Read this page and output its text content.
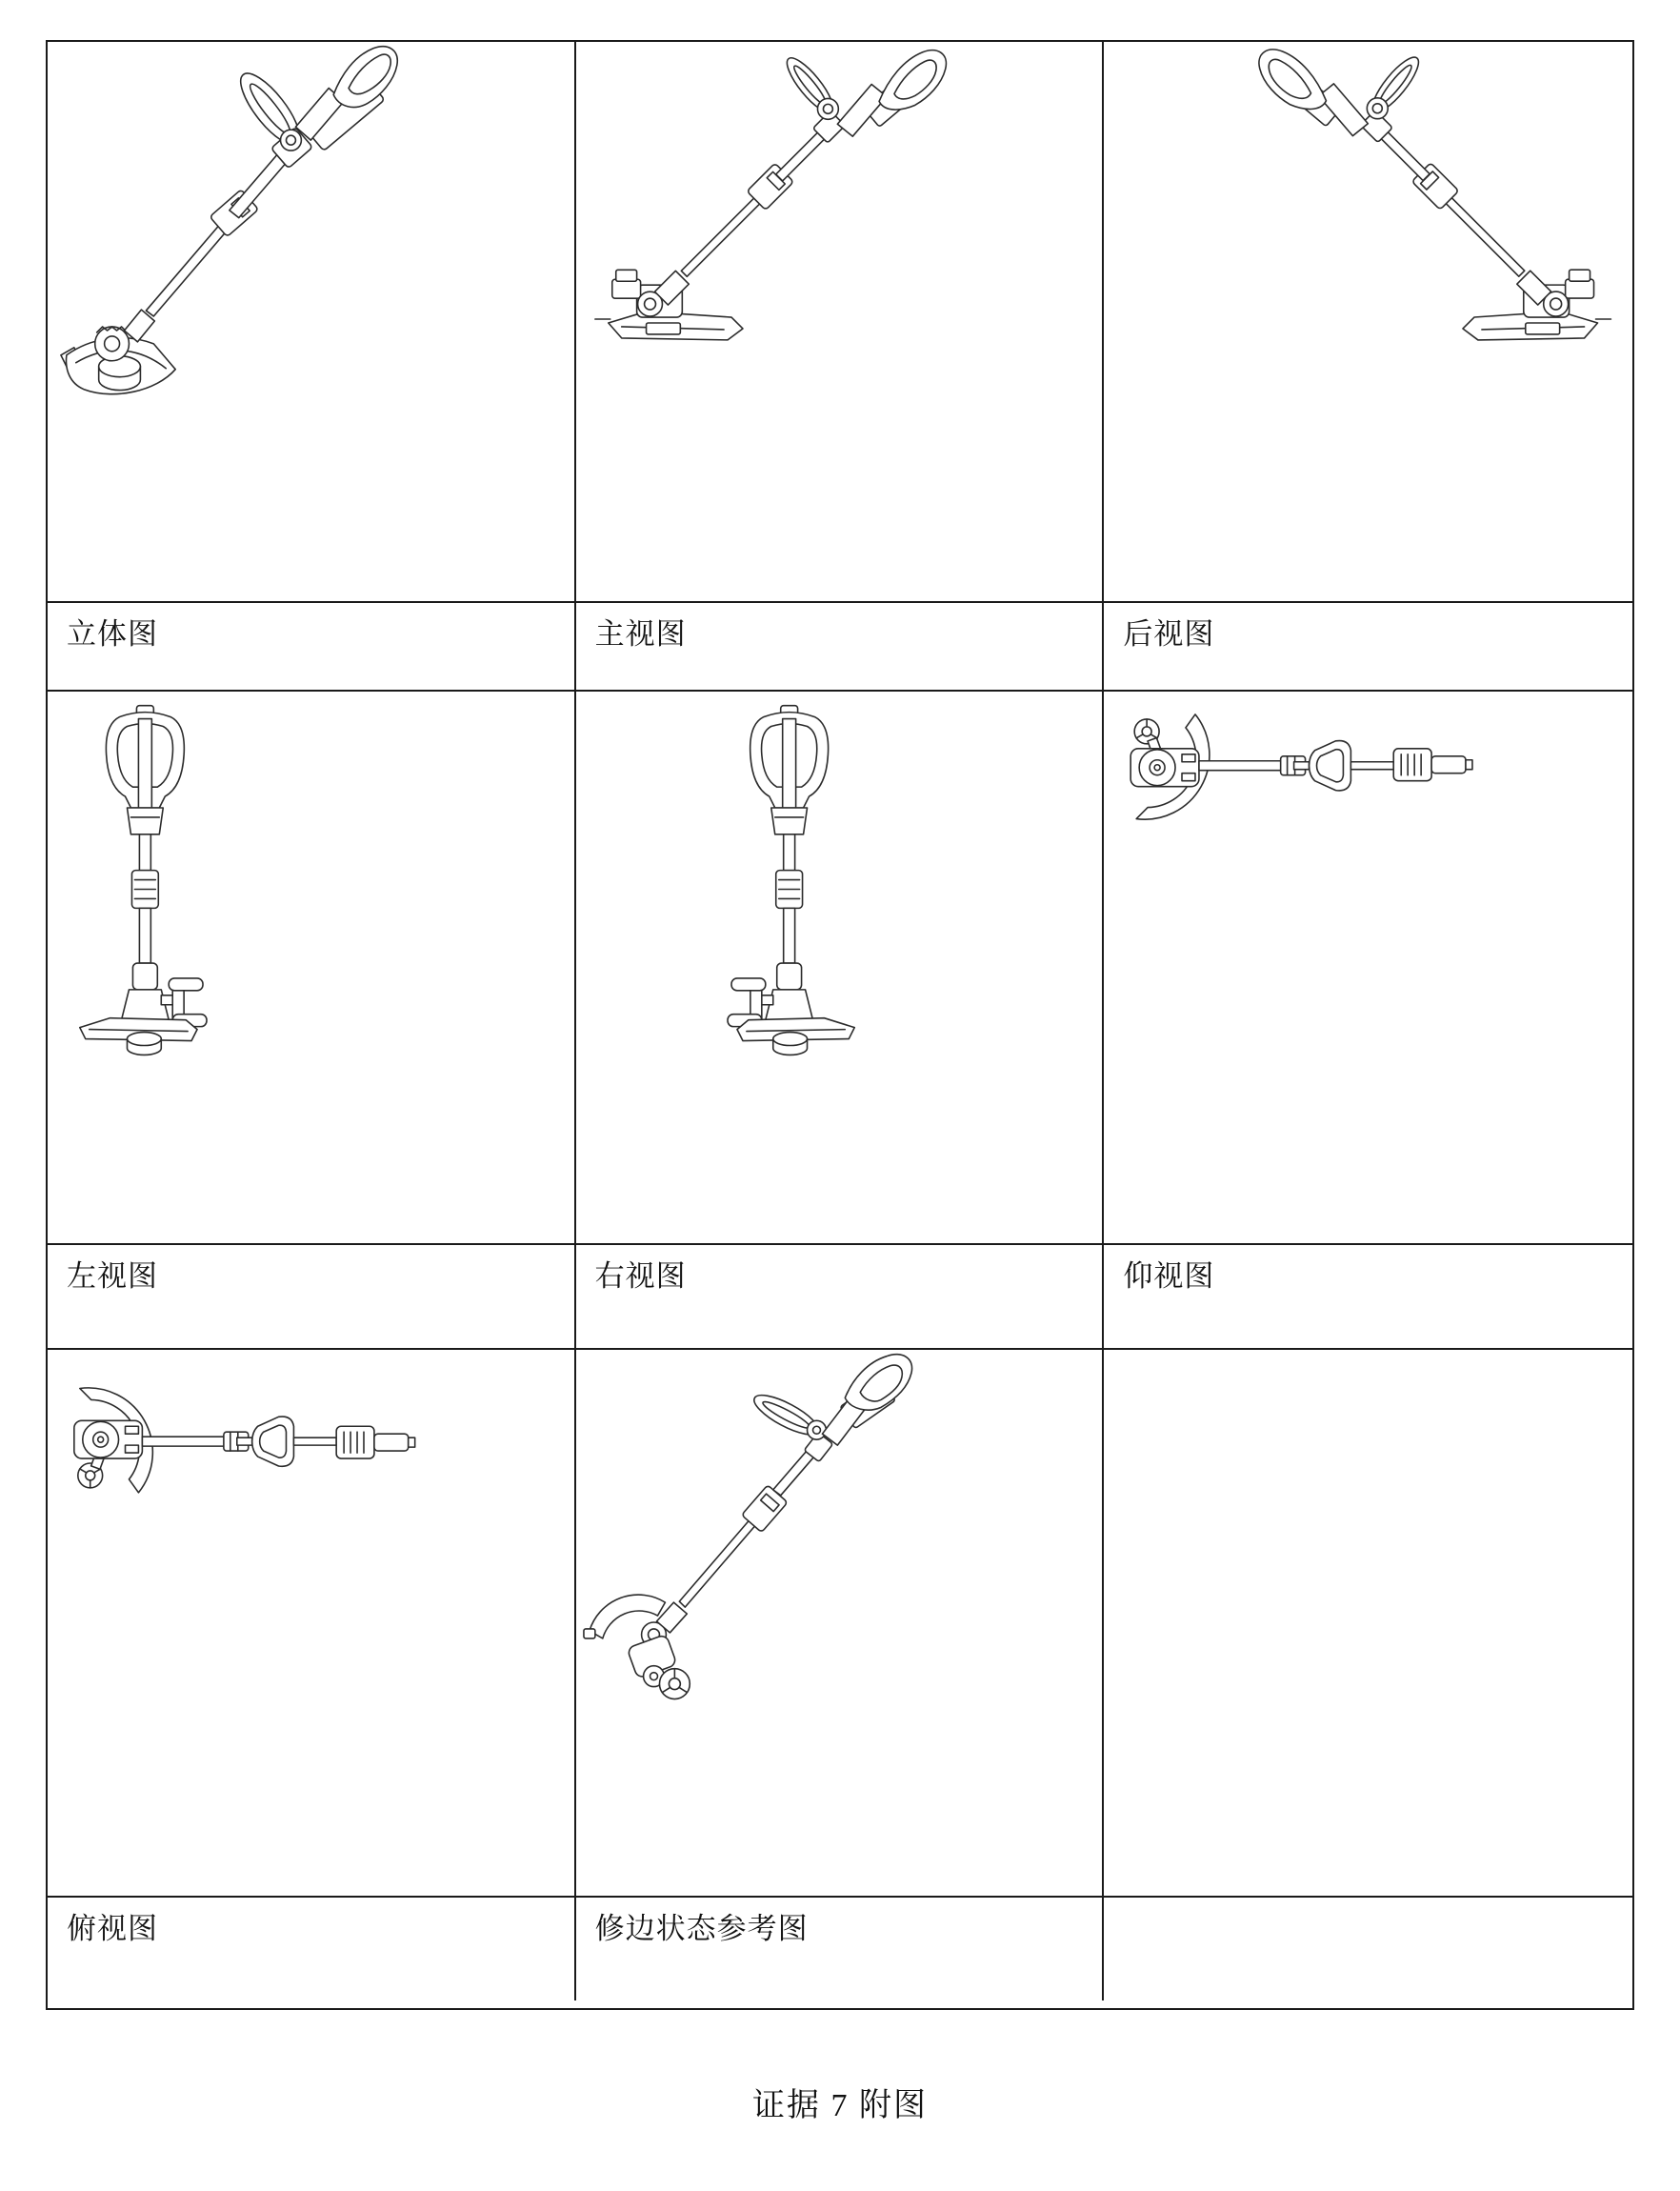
立体图	主视图	后视图
左视图	右视图	仰视图
俯视图	修边状态参考图
证据 7 附图
